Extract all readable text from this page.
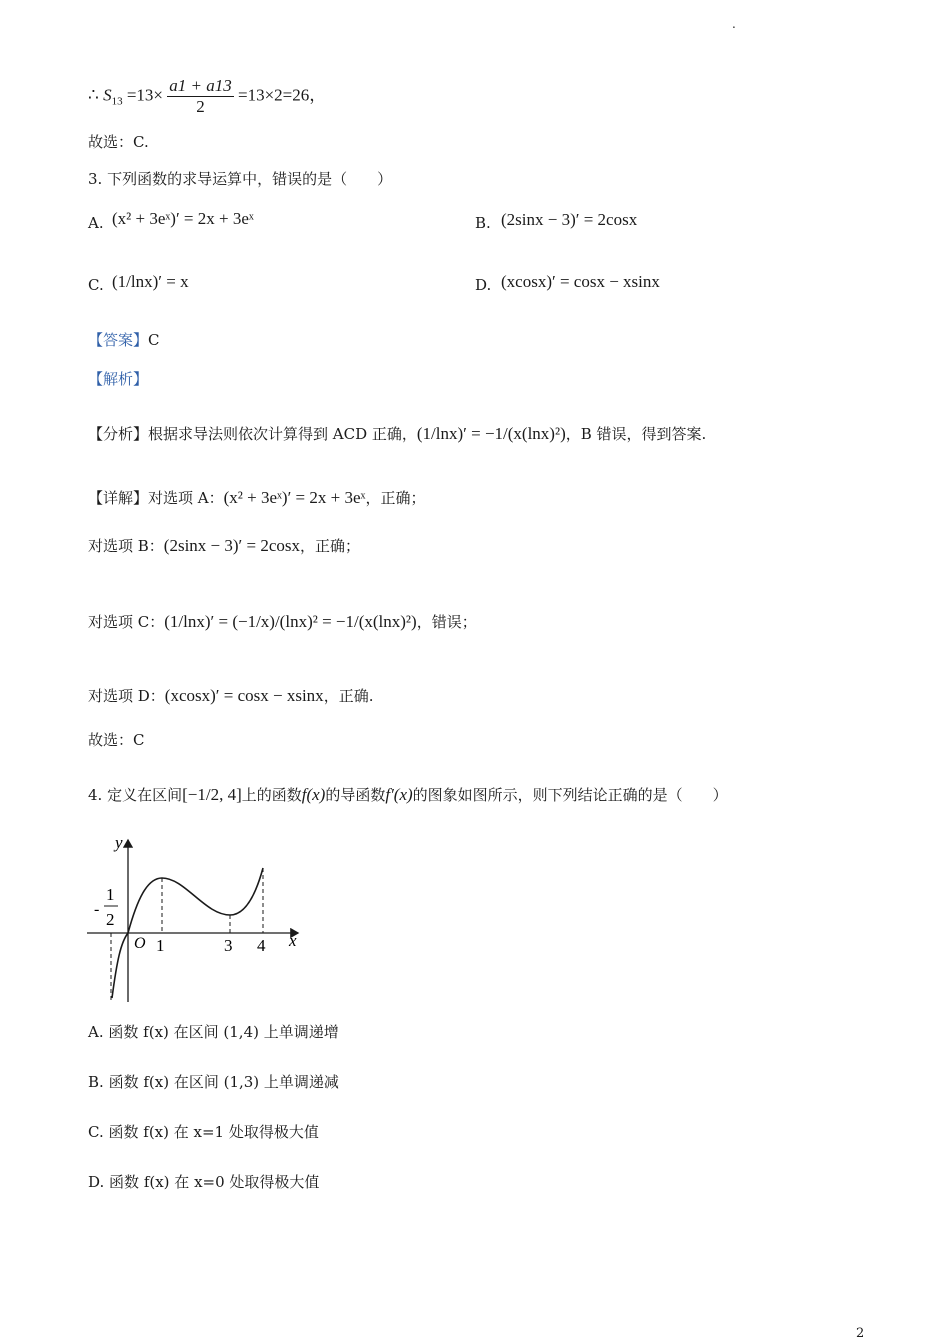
.
∴ $S_{13} =13\times \frac{a1 + a13}{2} =13\times 2=26$，
故选：C.
3. 下列函数的求导运算中，错误的是（　　）
A. (x² + 3eˣ)′ = 2x + 3eˣ	B. (2sinx − 3)′ = 2cosx
C. (1/lnx)′ = x	D. (xcosx)′ = cosx − xsinx
【答案】C
【解析】
【分析】根据求导法则依次计算得到 ACD 正确，(1/lnx)′ = −1/(x(lnx)²)，B 错误，得到答案.
【详解】对选项 A：(x² + 3eˣ)′ = 2x + 3eˣ，正确；
对选项 B：(2sinx − 3)′ = 2cosx，正确；
对选项 C：(1/lnx)′ = (−1/x)/(lnx)² = −1/(x(lnx)²)，错误；
对选项 D：(xcosx)′ = cosx − xsinx，正确.
故选：C
4. 定义在区间[−1/2, 4]上的函数f(x)的导函数f′(x)的图象如图所示，则下列结论正确的是（　　）
y
x
O 1	3 4
-
1
2
A. 函数 f(x) 在区间 (1,4) 上单调递增
B. 函数 f(x) 在区间 (1,3) 上单调递减
C. 函数 f(x) 在 x=1 处取得极大值
D. 函数 f(x) 在 x=0 处取得极大值
2
